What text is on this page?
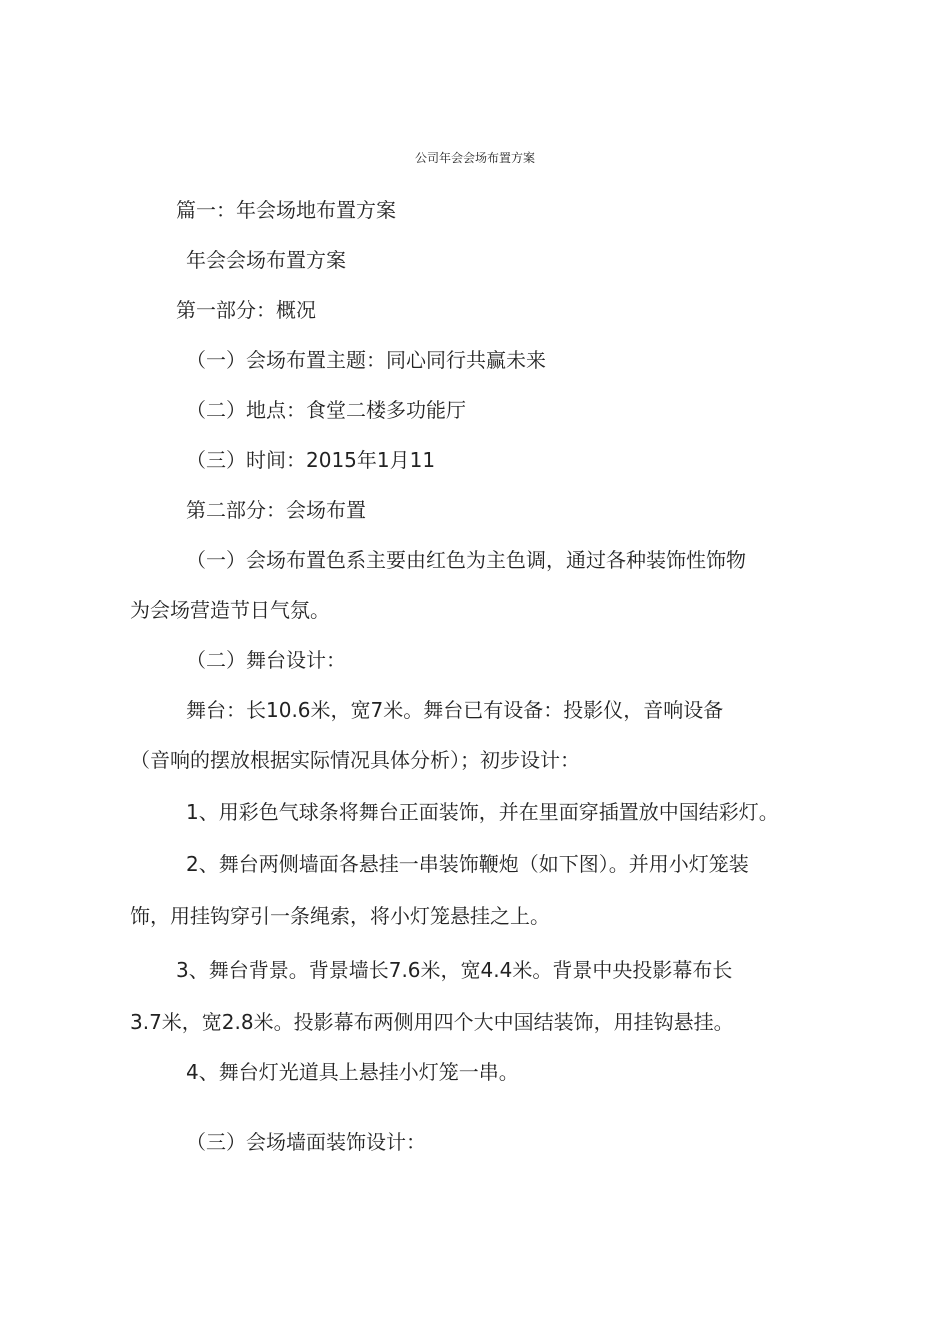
公司年会会场布置方案
篇一：年会场地布置方案
年会会场布置方案
第一部分：概况
（一）会场布置主题：同心同行共赢未来
（二）地点：食堂二楼多功能厅
（三）时间：2015年1月11
第二部分：会场布置
（一）会场布置色系主要由红色为主色调，通过各种装饰性饰物
为会场营造节日气氛。
（二）舞台设计：
舞台：长10.6米，宽7米。舞台已有设备：投影仪，音响设备
（音响的摆放根据实际情况具体分析）；初步设计：
1、用彩色气球条将舞台正面装饰，并在里面穿插置放中国结彩灯。
2、舞台两侧墙面各悬挂一串装饰鞭炮（如下图）。并用小灯笼装
饰，用挂钩穿引一条绳索，将小灯笼悬挂之上。
3、舞台背景。背景墙长7.6米，宽4.4米。背景中央投影幕布长
3.7米，宽2.8米。投影幕布两侧用四个大中国结装饰，用挂钩悬挂。
4、舞台灯光道具上悬挂小灯笼一串。
（三）会场墙面装饰设计：
